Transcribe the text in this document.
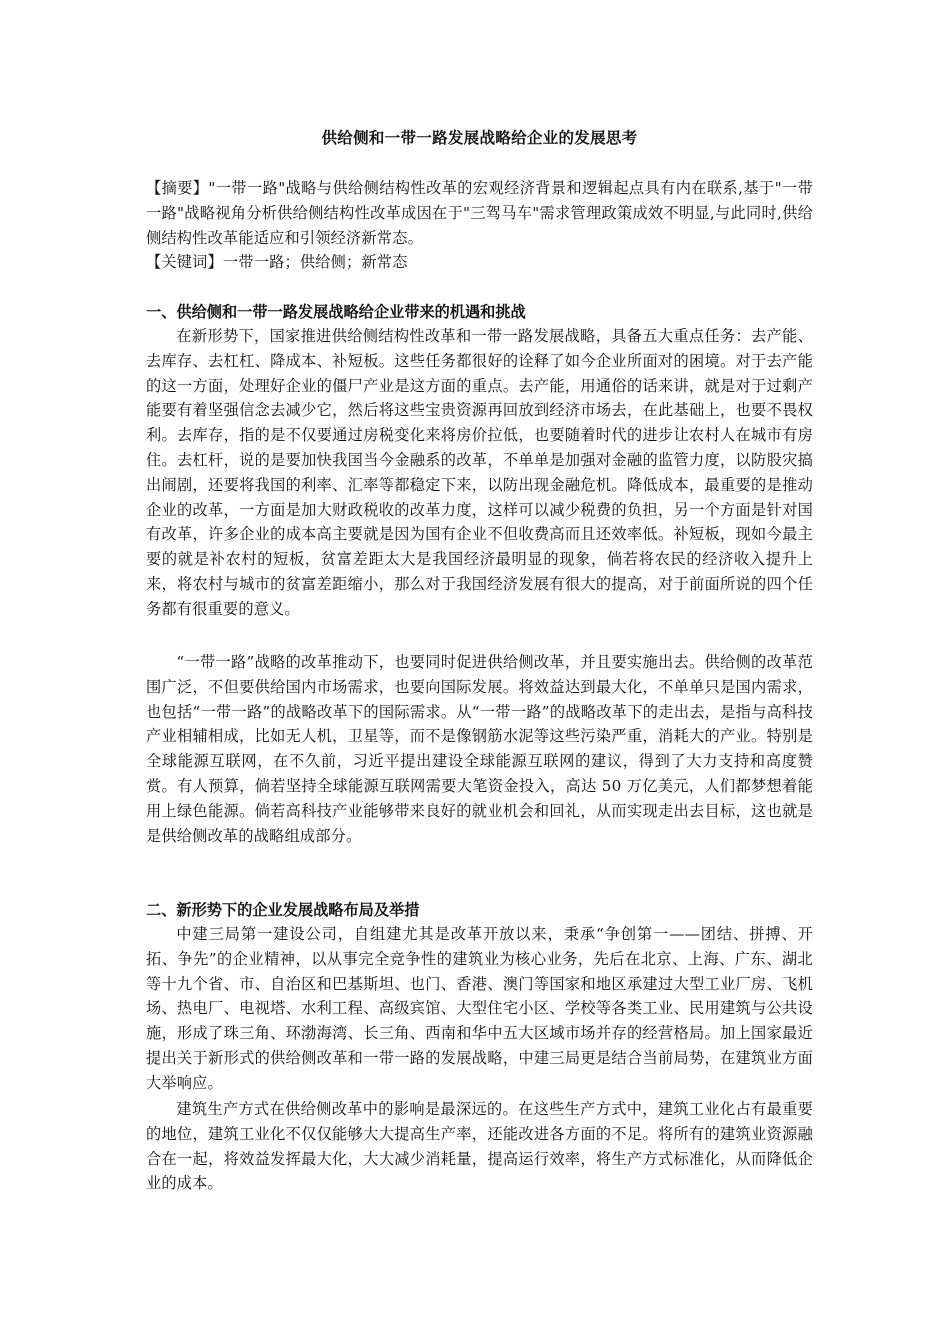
供给侧和一带一路发展战略给企业的发展思考

【摘要】"一带一路"战略与供给侧结构性改革的宏观经济背景和逻辑起点具有内在联系,基于"一带一路"战略视角分析供给侧结构性改革成因在于"三驾马车"需求管理政策成效不明显,与此同时,供给侧结构性改革能适应和引领经济新常态。

【关键词】一带一路；供给侧；新常态

一、供给侧和一带一路发展战略给企业带来的机遇和挑战

在新形势下，国家推进供给侧结构性改革和一带一路发展战略，具备五大重点任务：去产能、去库存、去杠杠、降成本、补短板。这些任务都很好的诠释了如今企业所面对的困境。对于去产能的这一方面，处理好企业的僵尸产业是这方面的重点。去产能，用通俗的话来讲，就是对于过剩产能要有着坚强信念去减少它，然后将这些宝贵资源再回放到经济市场去，在此基础上，也要不畏权利。去库存，指的是不仅要通过房税变化来将房价拉低，也要随着时代的进步让农村人在城市有房住。去杠杆，说的是要加快我国当今金融系的改革，不单单是加强对金融的监管力度，以防股灾搞出闹剧，还要将我国的利率、汇率等都稳定下来，以防出现金融危机。降低成本，最重要的是推动企业的改革，一方面是加大财政税收的改革力度，这样可以减少税费的负担，另一个方面是针对国有改革，许多企业的成本高主要就是因为国有企业不但收费高而且还效率低。补短板，现如今最主要的就是补农村的短板，贫富差距太大是我国经济最明显的现象，倘若将农民的经济收入提升上来，将农村与城市的贫富差距缩小，那么对于我国经济发展有很大的提高，对于前面所说的四个任务都有很重要的意义。

“一带一路”战略的改革推动下，也要同时促进供给侧改革，并且要实施出去。供给侧的改革范围广泛，不但要供给国内市场需求，也要向国际发展。将效益达到最大化，不单单只是国内需求，也包括“一带一路”的战略改革下的国际需求。从“一带一路”的战略改革下的走出去，是指与高科技产业相辅相成，比如无人机，卫星等，而不是像钢筋水泥等这些污染严重，消耗大的产业。特别是全球能源互联网，在不久前，习近平提出建设全球能源互联网的建议，得到了大力支持和高度赞赏。有人预算，倘若坚持全球能源互联网需要大笔资金投入，高达 50 万亿美元，人们都梦想着能用上绿色能源。倘若高科技产业能够带来良好的就业机会和回礼，从而实现走出去目标，这也就是是供给侧改革的战略组成部分。

二、新形势下的企业发展战略布局及举措

中建三局第一建设公司，自组建尤其是改革开放以来，秉承“争创第一——团结、拼搏、开拓、争先”的企业精神，以从事完全竞争性的建筑业为核心业务，先后在北京、上海、广东、湖北等十九个省、市、自治区和巴基斯坦、也门、香港、澳门等国家和地区承建过大型工业厂房、飞机场、热电厂、电视塔、水利工程、高级宾馆、大型住宅小区、学校等各类工业、民用建筑与公共设施，形成了珠三角、环渤海湾、长三角、西南和华中五大区域市场并存的经营格局。加上国家最近提出关于新形式的供给侧改革和一带一路的发展战略，中建三局更是结合当前局势，在建筑业方面大举响应。

建筑生产方式在供给侧改革中的影响是最深远的。在这些生产方式中，建筑工业化占有最重要的地位，建筑工业化不仅仅能够大大提高生产率，还能改进各方面的不足。将所有的建筑业资源融合在一起，将效益发挥最大化，大大减少消耗量，提高运行效率，将生产方式标准化，从而降低企业的成本。
